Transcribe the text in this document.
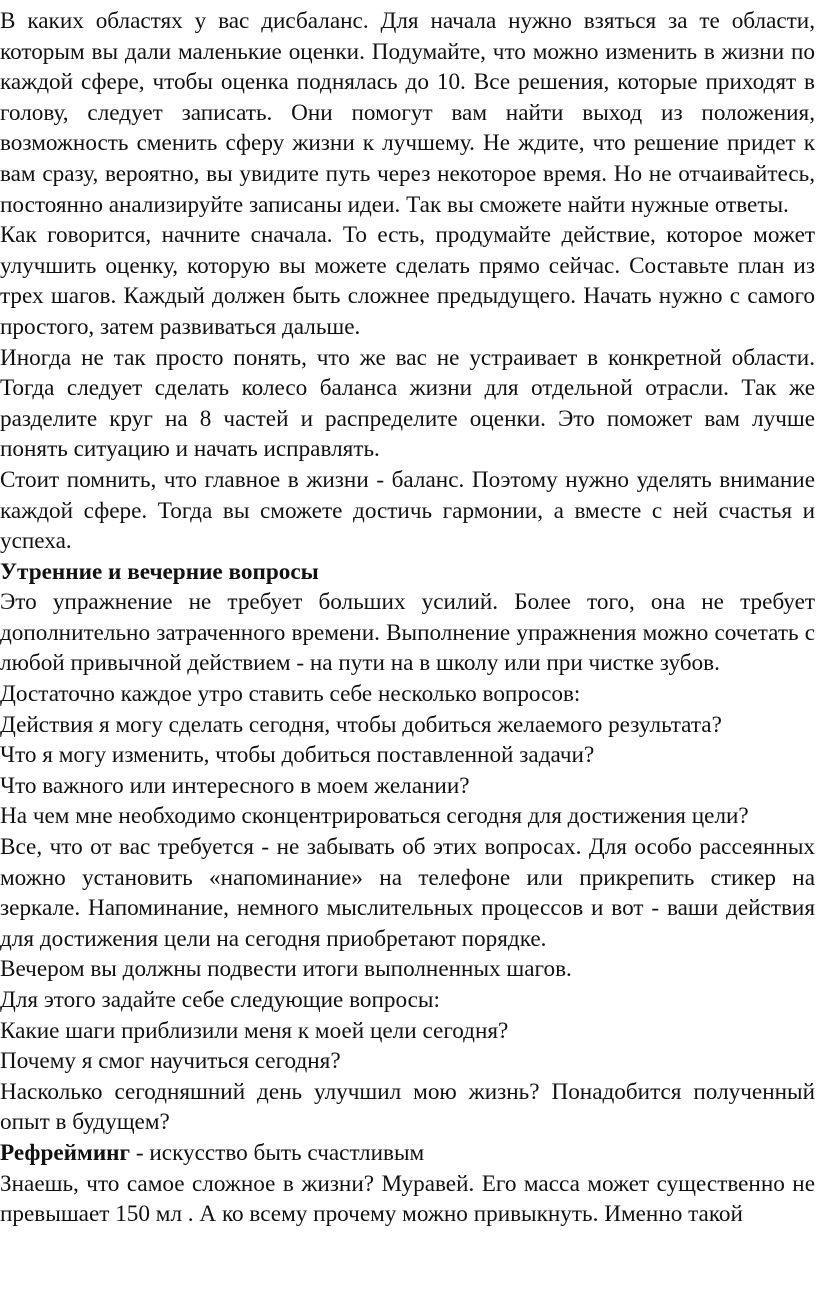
В каких областях у вас дисбаланс. Для начала нужно взяться за те области, которым вы дали маленькие оценки. Подумайте, что можно изменить в жизни по каждой сфере, чтобы оценка поднялась до 10. Все решения, которые приходят в голову, следует записать. Они помогут вам найти выход из положения, возможность сменить сферу жизни к лучшему. Не ждите, что решение придет к вам сразу, вероятно, вы увидите путь через некоторое время. Но не отчаивайтесь, постоянно анализируйте записаны идеи. Так вы сможете найти нужные ответы.

Как говорится, начните сначала. То есть, продумайте действие, которое может улучшить оценку, которую вы можете сделать прямо сейчас. Составьте план из трех шагов. Каждый должен быть сложнее предыдущего. Начать нужно с самого простого, затем развиваться дальше.

Иногда не так просто понять, что же вас не устраивает в конкретной области. Тогда следует сделать колесо баланса жизни для отдельной отрасли. Так же разделите круг на 8 частей и распределите оценки. Это поможет вам лучше понять ситуацию и начать исправлять.

Стоит помнить, что главное в жизни - баланс. Поэтому нужно уделять внимание каждой сфере. Тогда вы сможете достичь гармонии, а вместе с ней счастья и успеха.

Утренние и вечерние вопросы

Это упражнение не требует больших усилий. Более того, она не требует дополнительно затраченного времени. Выполнение упражнения можно сочетать с любой привычной действием - на пути на в школу или при чистке зубов.

Достаточно каждое утро ставить себе несколько вопросов:

Действия я могу сделать сегодня, чтобы добиться желаемого результата?

Что я могу изменить, чтобы добиться поставленной задачи?

Что важного или интересного в моем желании?

На чем мне необходимо сконцентрироваться сегодня для достижения цели?

Все, что от вас требуется - не забывать об этих вопросах. Для особо рассеянных можно установить «напоминание» на телефоне или прикрепить стикер на зеркале. Напоминание, немного мыслительных процессов и вот - ваши действия для достижения цели на сегодня приобретают порядке.

Вечером вы должны подвести итоги выполненных шагов.

Для этого задайте себе следующие вопросы:

Какие шаги приблизили меня к моей цели сегодня?

Почему я смог научиться сегодня?

Насколько сегодняшний день улучшил мою жизнь? Понадобится полученный опыт в будущем?

Рефрейминг - искусство быть счастливым

Знаешь, что самое сложное в жизни? Муравей. Его масса может существенно не превышает 150 мл . А ко всему прочему можно привыкнуть. Именно такой
